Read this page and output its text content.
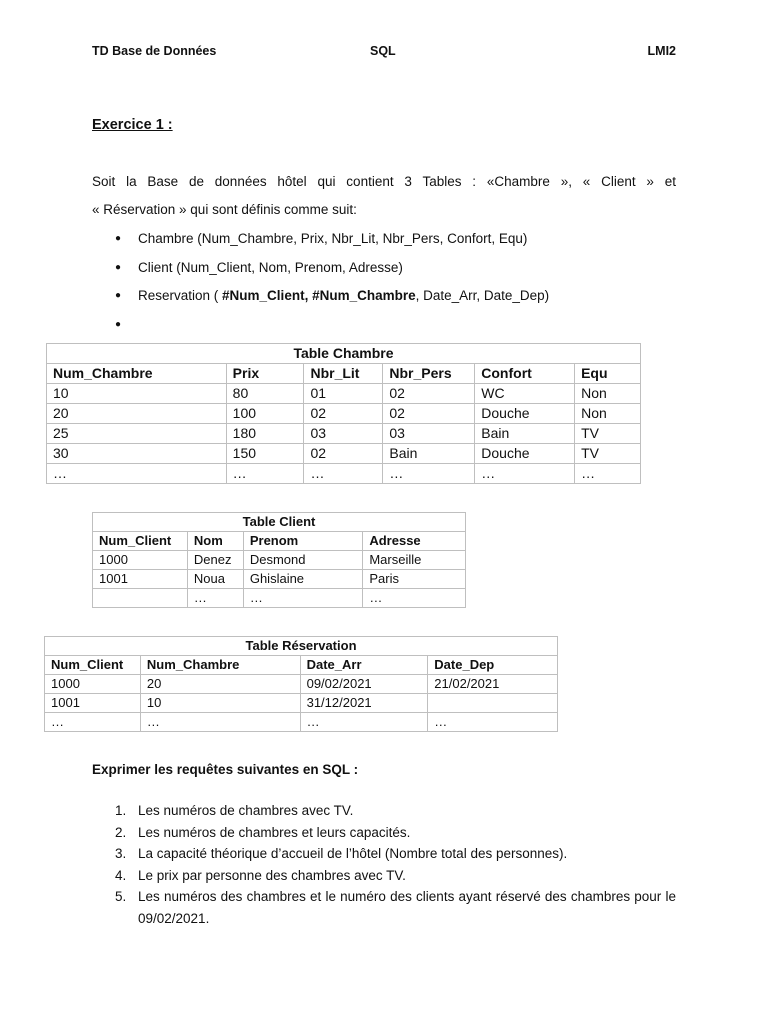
TD Base de Données	SQL	LMI2
Exercice 1 :
Soit la Base de données hôtel qui contient 3 Tables : «Chambre », « Client » et
« Réservation » qui sont définis comme suit:
● Chambre (Num_Chambre, Prix, Nbr_Lit, Nbr_Pers, Confort, Equ)
● Client (Num_Client, Nom, Prenom, Adresse)
● Reservation ( #Num_Client, #Num_Chambre, Date_Arr, Date_Dep)
●
Table Chambre					
Num_Chambre	Prix	Nbr_Lit	Nbr_Pers	Confort	Equ
10	80	01	02	WC	Non
20	100	02	02	Douche	Non
25	180	03	03	Bain	TV
30	150	02	Bain	Douche	TV
…	…	…	…	…	…
Table Client			
Num_Client	Nom	Prenom	Adresse
1000	Denez	Desmond	Marseille
1001	Noua	Ghislaine	Paris
	…	…	…
Table Réservation			
Num_Client	Num_Chambre	Date_Arr	Date_Dep
1000	20	09/02/2021	21/02/2021
1001	10	31/12/2021	
…	…	…	…
Exprimer les requêtes suivantes en SQL :
1. Les numéros de chambres avec TV.
2. Les numéros de chambres et leurs capacités.
3. La capacité théorique d’accueil de l’hôtel (Nombre total des personnes).
4. Le prix par personne des chambres avec TV.
5. Les numéros des chambres et le numéro des clients ayant réservé des chambres pour le 09/02/2021.
